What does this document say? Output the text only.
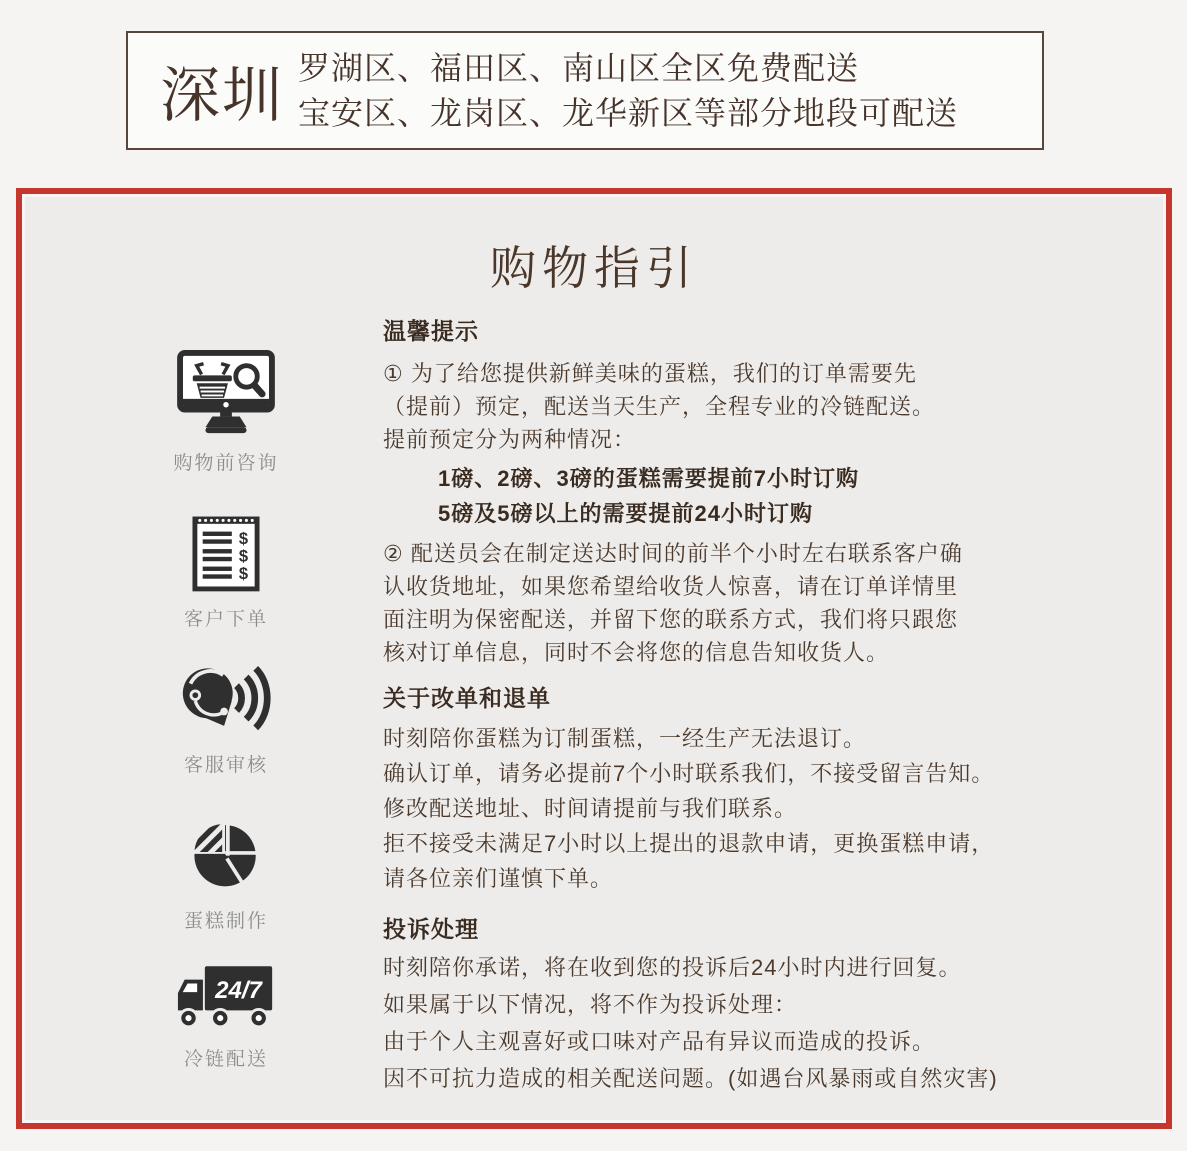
深圳 罗湖区、福田区、南山区全区免费配送
宝安区、龙岗区、龙华新区等部分地段可配送
购物指引
购物前咨询
$
$
$
客户下单
客服审核
蛋糕制作
24/7
冷链配送
温馨提示
① 为了给您提供新鲜美味的蛋糕，我们的订单需要先
（提前）预定，配送当天生产，全程专业的冷链配送。
提前预定分为两种情况：
1磅、2磅、3磅的蛋糕需要提前7小时订购
5磅及5磅以上的需要提前24小时订购
② 配送员会在制定送达时间的前半个小时左右联系客户确
认收货地址，如果您希望给收货人惊喜，请在订单详情里
面注明为保密配送，并留下您的联系方式，我们将只跟您
核对订单信息，同时不会将您的信息告知收货人。
关于改单和退单
时刻陪你蛋糕为订制蛋糕，一经生产无法退订。
确认订单，请务必提前7个小时联系我们，不接受留言告知。
修改配送地址、时间请提前与我们联系。
拒不接受未满足7小时以上提出的退款申请，更换蛋糕申请，
请各位亲们谨慎下单。
投诉处理
时刻陪你承诺，将在收到您的投诉后24小时内进行回复。
如果属于以下情况，将不作为投诉处理：
由于个人主观喜好或口味对产品有异议而造成的投诉。
因不可抗力造成的相关配送问题。(如遇台风暴雨或自然灾害)
